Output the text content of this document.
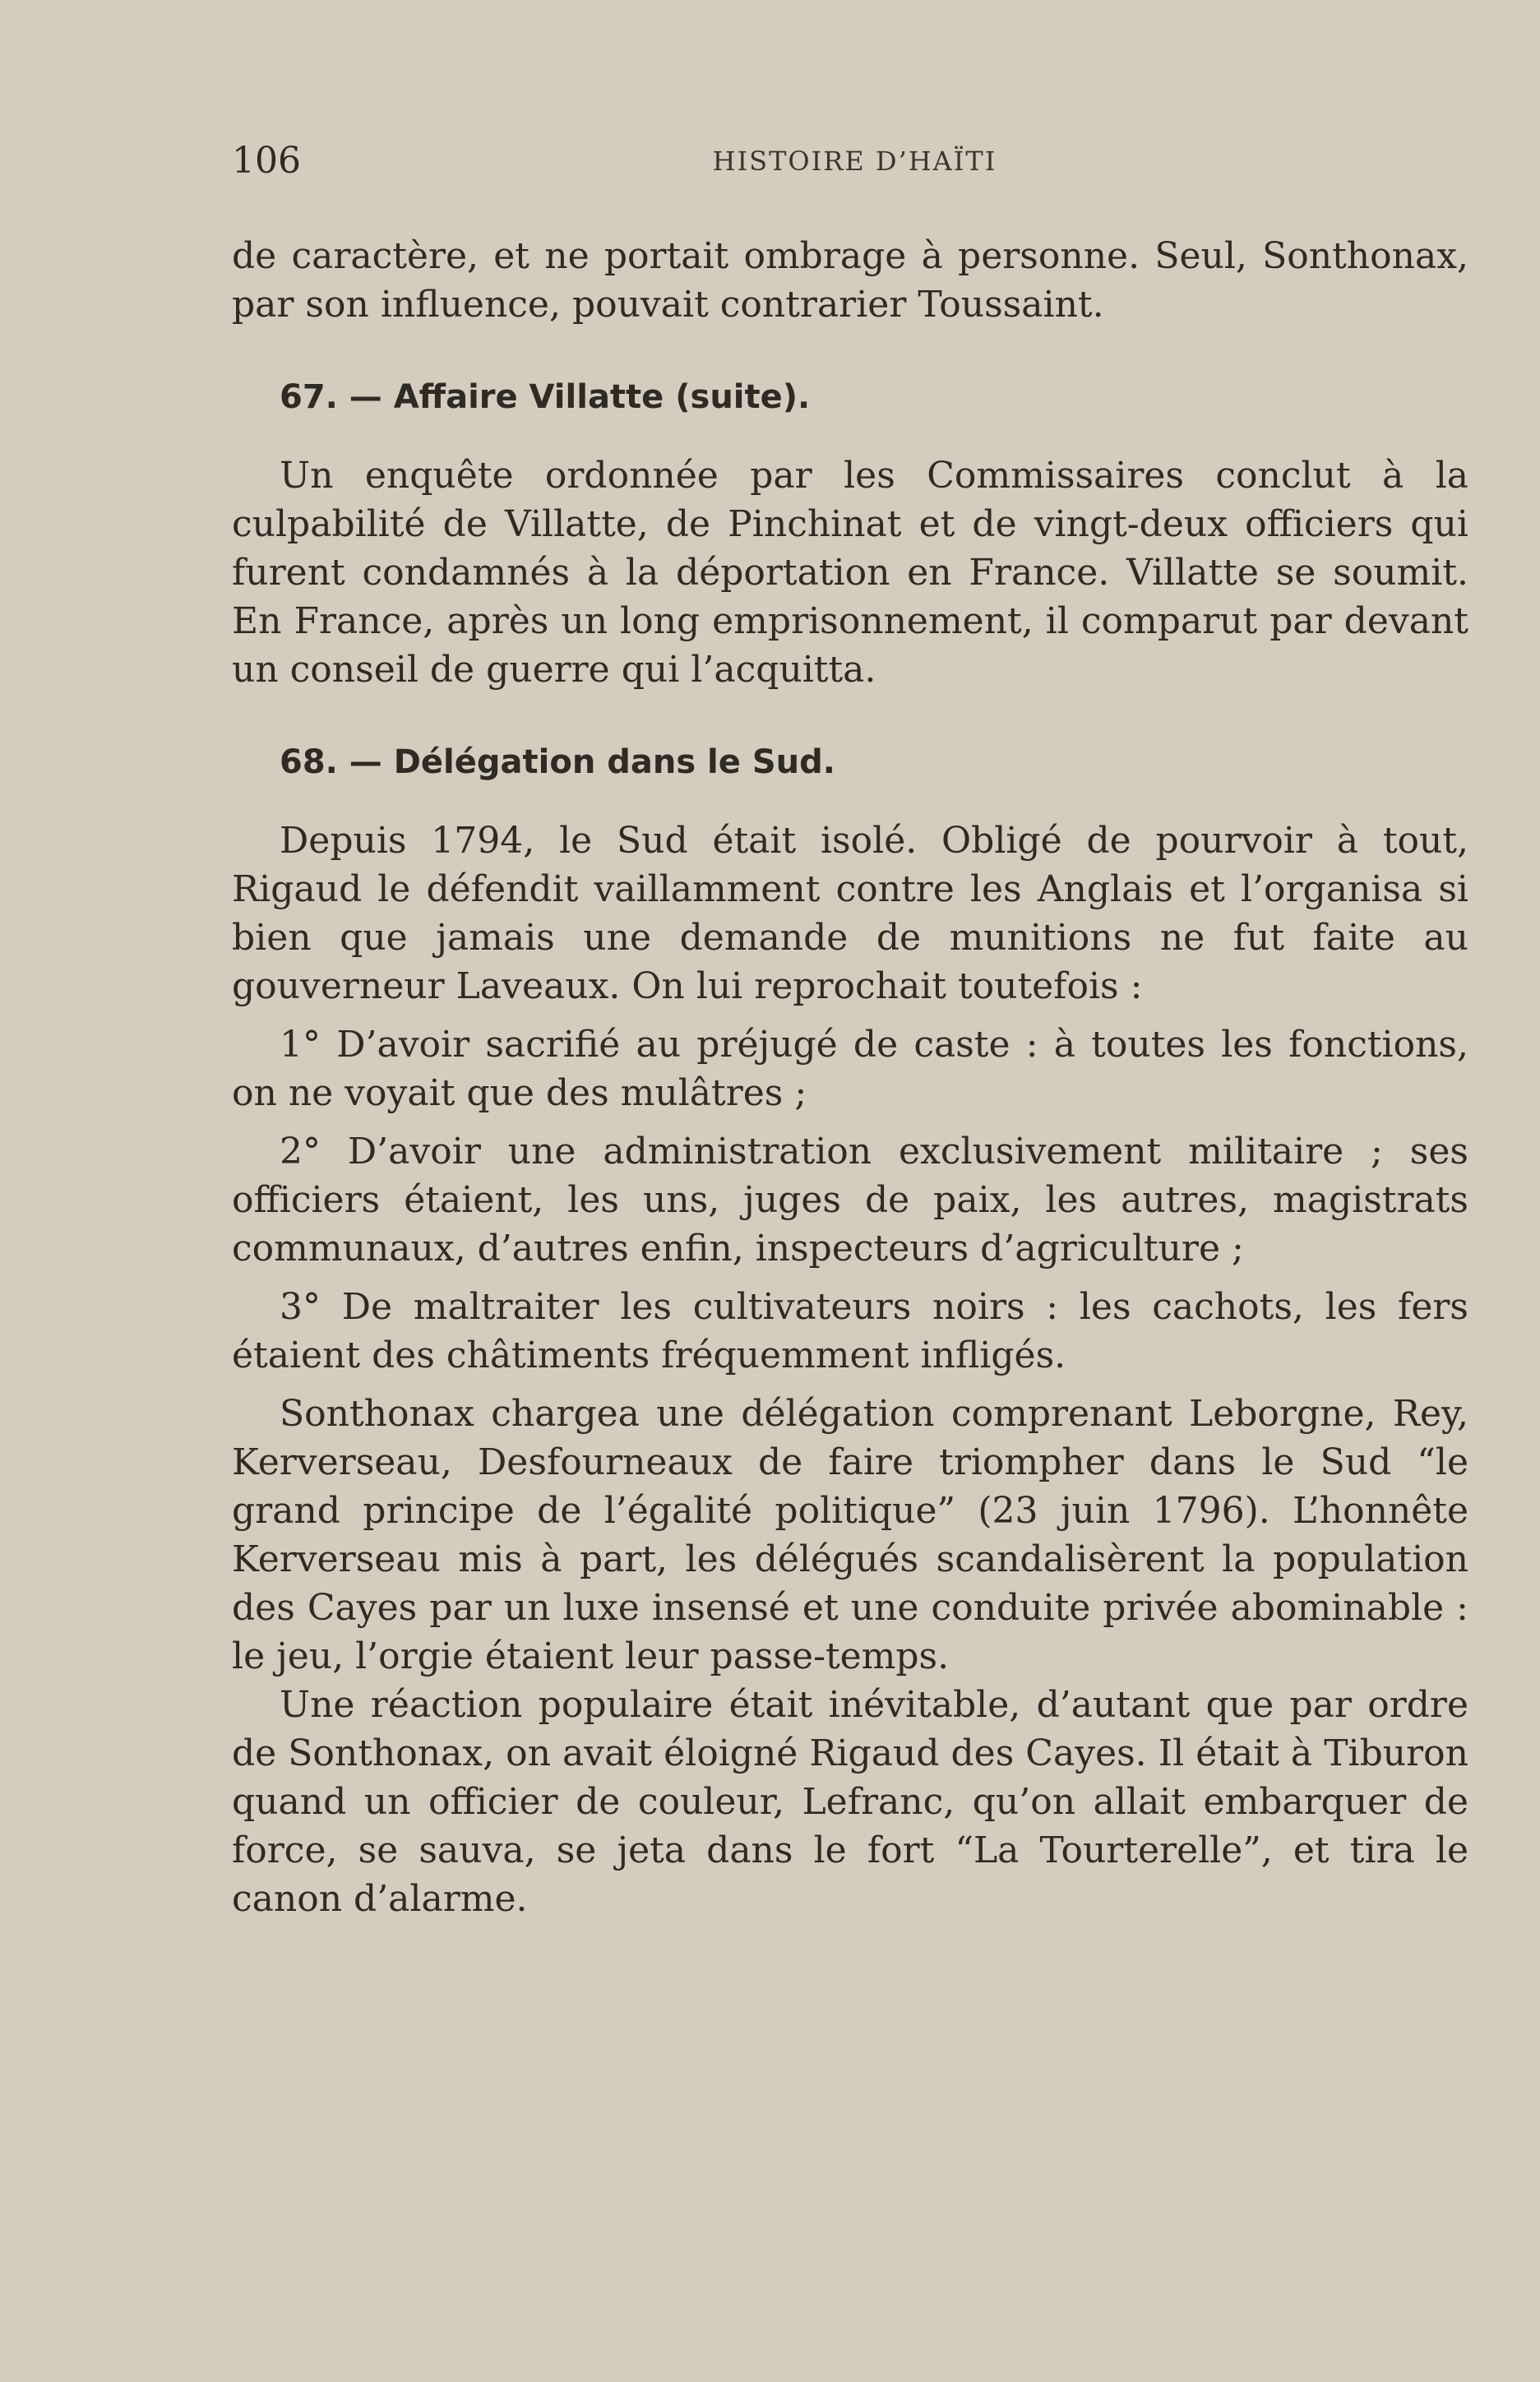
106	HISTOIRE D’HAÏTI

de caractère, et ne portait ombrage à personne. Seul, Sonthonax, par son influence, pouvait contrarier Toussaint.

67. — Affaire Villatte (suite).

Un enquête ordonnée par les Commissaires conclut à la culpabilité de Villatte, de Pinchinat et de vingt-deux officiers qui furent condamnés à la déportation en France. Villatte se soumit. En France, après un long emprisonnement, il comparut par devant un conseil de guerre qui l’acquitta.

68. — Délégation dans le Sud.

Depuis 1794, le Sud était isolé. Obligé de pourvoir à tout, Rigaud le défendit vaillamment contre les Anglais et l’organisa si bien que jamais une demande de munitions ne fut faite au gouverneur Laveaux. On lui reprochait toutefois :

1° D’avoir sacrifié au préjugé de caste : à toutes les fonctions, on ne voyait que des mulâtres ;

2° D’avoir une administration exclusivement militaire ; ses officiers étaient, les uns, juges de paix, les autres, magistrats communaux, d’autres enfin, inspecteurs d’agriculture ;

3° De maltraiter les cultivateurs noirs : les cachots, les fers étaient des châtiments fréquemment infligés.

Sonthonax chargea une délégation comprenant Leborgne, Rey, Kerverseau, Desfourneaux de faire triompher dans le Sud “le grand principe de l’égalité politique” (23 juin 1796). L’honnête Kerverseau mis à part, les délégués scandalisèrent la population des Cayes par un luxe insensé et une conduite privée abominable : le jeu, l’orgie étaient leur passe-temps.

Une réaction populaire était inévitable, d’autant que par ordre de Sonthonax, on avait éloigné Rigaud des Cayes. Il était à Tiburon quand un officier de couleur, Lefranc, qu’on allait embarquer de force, se sauva, se jeta dans le fort “La Tourterelle”, et tira le canon d’alarme.
